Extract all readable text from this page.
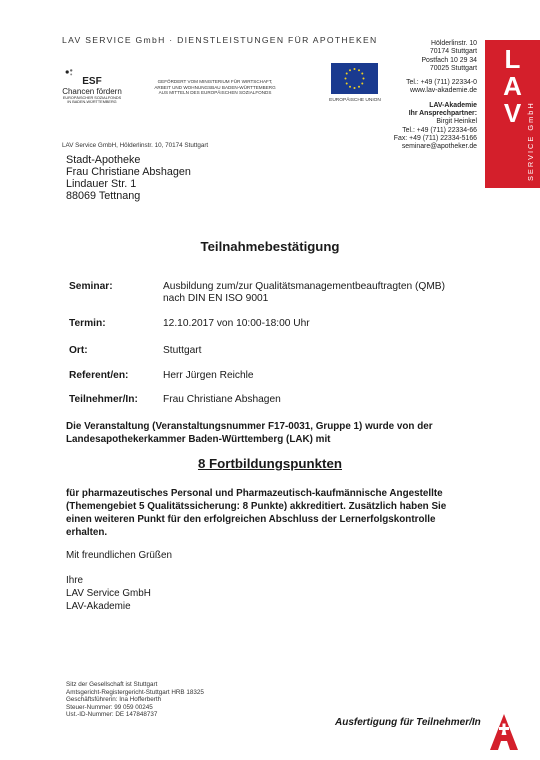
LAV SERVICE GmbH · DIENSTLEISTUNGEN FÜR APOTHEKEN
L
A
V SERVICE GmbH
Hölderlinstr. 10
70174 Stuttgart
Postfach 10 29 34
70025 Stuttgart
Tel.: +49 (711) 22334-0
www.lav-akademie.de
LAV-Akademie
Ihr Ansprechpartner:
Birgit Heinkel
Tel.: +49 (711) 22334-66
Fax: +49 (711) 22334-5166
seminare@apotheker.de
ESF
Chancen fördern
EUROPÄISCHER SOZIALFONDS IN BADEN-WÜRTTEMBERG
GEFÖRDERT VOM MINISTERIUM FÜR WIRTSCHAFT, ARBEIT UND WOHNUNGSBAU BADEN-WÜRTTEMBERG AUS MITTELN DES EUROPÄISCHEN SOZIALFONDS
EUROPÄISCHE UNION
LAV Service GmbH, Hölderlinstr. 10, 70174 Stuttgart
Stadt-Apotheke
Frau Christiane Abshagen
Lindauer Str. 1
88069 Tettnang
Teilnahmebestätigung
Seminar:	Ausbildung zum/zur Qualitätsmanagementbeauftragten (QMB)
nach DIN EN ISO 9001
Termin:	12.10.2017 von 10:00-18:00 Uhr
Ort:	Stuttgart
Referent/en:	Herr Jürgen Reichle
Teilnehmer/In: Frau Christiane Abshagen
Die Veranstaltung (Veranstaltungsnummer F17-0031, Gruppe 1) wurde von der
Landesapothekerkammer Baden-Württemberg (LAK) mit
8 Fortbildungspunkten
für pharmazeutisches Personal und Pharmazeutisch-kaufmännische Angestellte
(Themengebiet 5 Qualitätssicherung: 8 Punkte) akkreditiert. Zusätzlich haben Sie
einen weiteren Punkt für den erfolgreichen Abschluss der Lernerfolgskontrolle
erhalten.
Mit freundlichen Grüßen
Ihre
LAV Service GmbH
LAV-Akademie
Sitz der Gesellschaft ist Stuttgart
Amtsgericht-Registergericht-Stuttgart HRB 18325
Geschäftsführerin: Ina Hofferberth
Steuer-Nummer: 99 059 00245
Ust.-ID-Nummer: DE 147848737
Ausfertigung für Teilnehmer/In
